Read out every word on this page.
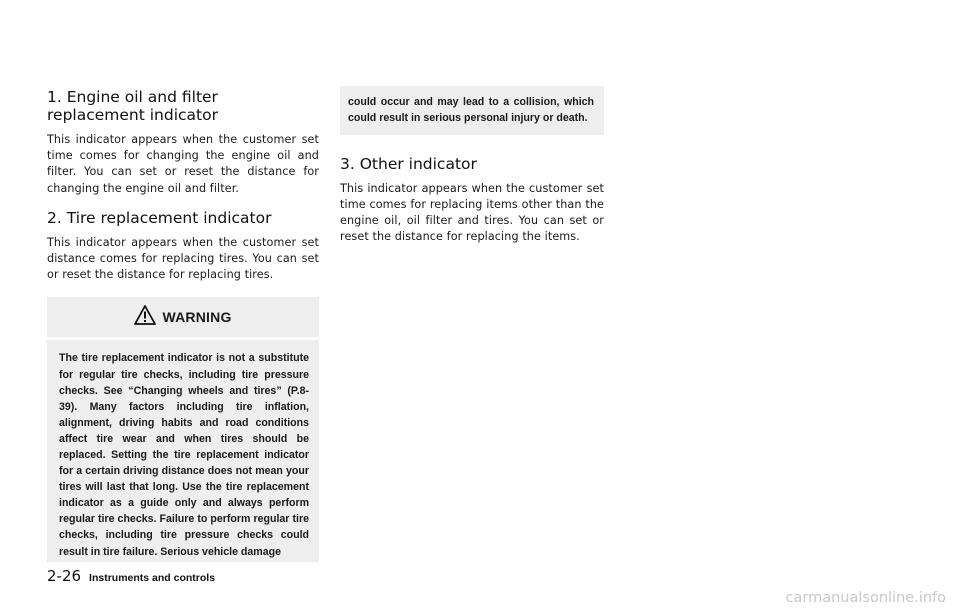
1. Engine oil and filter replacement indicator

This indicator appears when the customer set time comes for changing the engine oil and filter. You can set or reset the distance for changing the engine oil and filter.

2. Tire replacement indicator

This indicator appears when the customer set distance comes for replacing tires. You can set or reset the distance for replacing tires.

WARNING

The tire replacement indicator is not a substitute for regular tire checks, including tire pressure checks. See “Changing wheels and tires” (P.8-39). Many factors including tire inflation, alignment, driving habits and road conditions affect tire wear and when tires should be replaced. Setting the tire replacement indicator for a certain driving distance does not mean your tires will last that long. Use the tire replacement indicator as a guide only and always perform regular tire checks. Failure to perform regular tire checks, including tire pressure checks could result in tire failure. Serious vehicle damage

could occur and may lead to a collision, which could result in serious personal injury or death.

3. Other indicator

This indicator appears when the customer set time comes for replacing items other than the engine oil, oil filter and tires. You can set or reset the distance for replacing the items.

2-26 Instruments and controls
carmanualsonline.info
